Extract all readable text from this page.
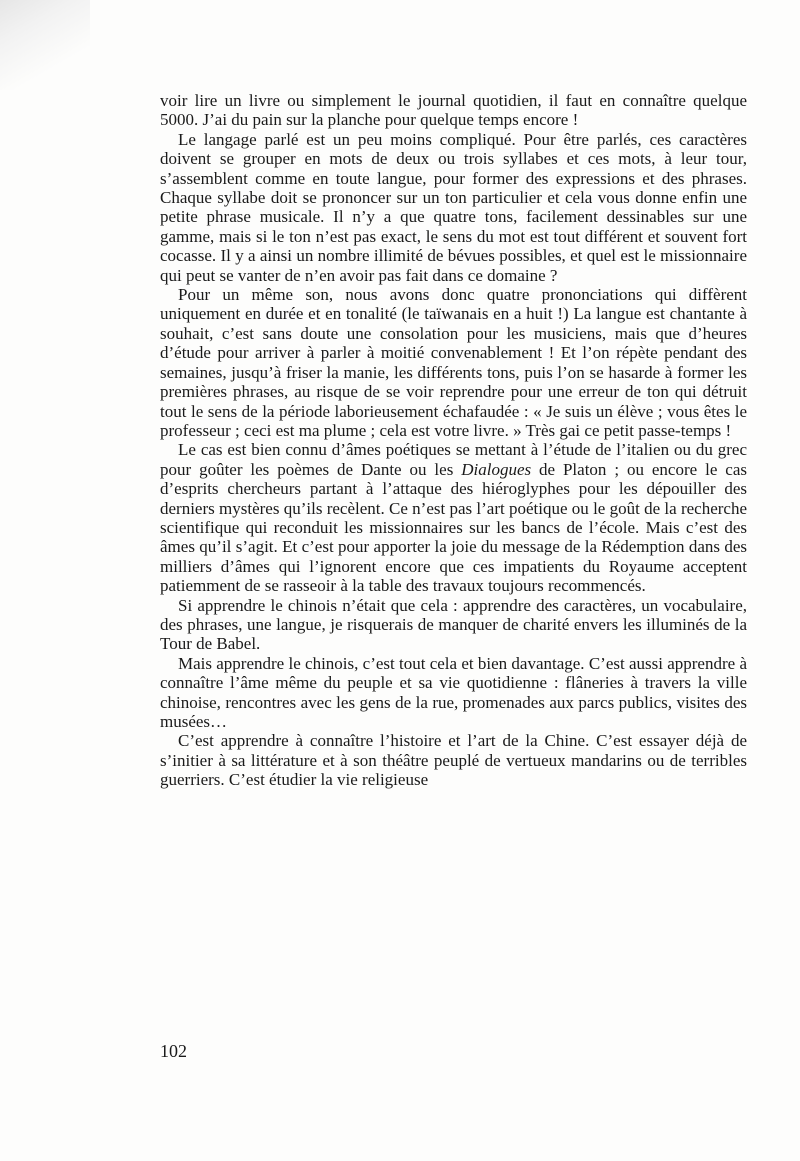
voir lire un livre ou simplement le journal quotidien, il faut en connaître quelque 5000. J’ai du pain sur la planche pour quelque temps encore !

Le langage parlé est un peu moins compliqué. Pour être parlés, ces caractères doivent se grouper en mots de deux ou trois syllabes et ces mots, à leur tour, s’assemblent comme en toute langue, pour former des expressions et des phrases. Chaque syllabe doit se prononcer sur un ton particulier et cela vous donne enfin une petite phrase musicale. Il n’y a que quatre tons, facilement dessinables sur une gamme, mais si le ton n’est pas exact, le sens du mot est tout différent et souvent fort cocasse. Il y a ainsi un nombre illimité de bévues possibles, et quel est le missionnaire qui peut se vanter de n’en avoir pas fait dans ce domaine ?

Pour un même son, nous avons donc quatre prononciations qui diffèrent uniquement en durée et en tonalité (le taïwanais en a huit !) La langue est chantante à souhait, c’est sans doute une consolation pour les musiciens, mais que d’heures d’étude pour arriver à parler à moitié convenablement ! Et l’on répète pendant des semaines, jusqu’à friser la manie, les différents tons, puis l’on se hasarde à former les premières phrases, au risque de se voir reprendre pour une erreur de ton qui détruit tout le sens de la période laborieusement échafaudée : « Je suis un élève ; vous êtes le professeur ; ceci est ma plume ; cela est votre livre. » Très gai ce petit passe-temps !

Le cas est bien connu d’âmes poétiques se mettant à l’étude de l’italien ou du grec pour goûter les poèmes de Dante ou les Dialogues de Platon ; ou encore le cas d’esprits chercheurs partant à l’attaque des hiéroglyphes pour les dépouiller des derniers mystères qu’ils recèlent. Ce n’est pas l’art poétique ou le goût de la recherche scientifique qui reconduit les missionnaires sur les bancs de l’école. Mais c’est des âmes qu’il s’agit. Et c’est pour apporter la joie du message de la Rédemption dans des milliers d’âmes qui l’ignorent encore que ces impatients du Royaume acceptent patiemment de se rasseoir à la table des travaux toujours recommencés.

Si apprendre le chinois n’était que cela : apprendre des caractères, un vocabulaire, des phrases, une langue, je risquerais de manquer de charité envers les illuminés de la Tour de Babel.

Mais apprendre le chinois, c’est tout cela et bien davantage. C’est aussi apprendre à connaître l’âme même du peuple et sa vie quotidienne : flâneries à travers la ville chinoise, rencontres avec les gens de la rue, promenades aux parcs publics, visites des musées…

C’est apprendre à connaître l’histoire et l’art de la Chine. C’est essayer déjà de s’initier à sa littérature et à son théâtre peuplé de vertueux mandarins ou de terribles guerriers. C’est étudier la vie religieuse

102
